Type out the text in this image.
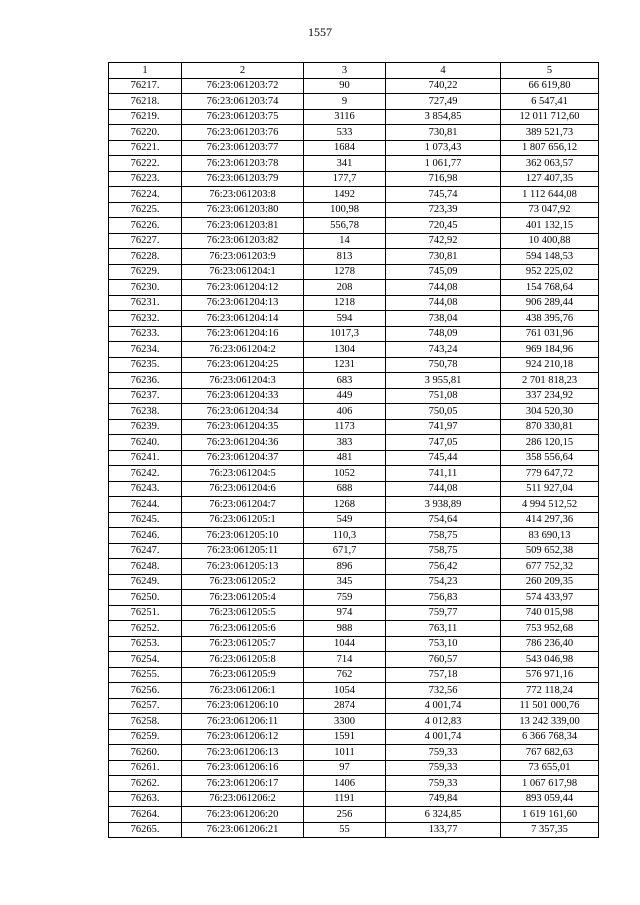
1557
1	2	3	4	5
76217.	76:23:061203:72	90	740,22	66 619,80
76218.	76:23:061203:74	9	727,49	6 547,41
76219.	76:23:061203:75	3116	3 854,85	12 011 712,60
76220.	76:23:061203:76	533	730,81	389 521,73
76221.	76:23:061203:77	1684	1 073,43	1 807 656,12
76222.	76:23:061203:78	341	1 061,77	362 063,57
76223.	76:23:061203:79	177,7	716,98	127 407,35
76224.	76:23:061203:8	1492	745,74	1 112 644,08
76225.	76:23:061203:80	100,98	723,39	73 047,92
76226.	76:23:061203:81	556,78	720,45	401 132,15
76227.	76:23:061203:82	14	742,92	10 400,88
76228.	76:23:061203:9	813	730,81	594 148,53
76229.	76:23:061204:1	1278	745,09	952 225,02
76230.	76:23:061204:12	208	744,08	154 768,64
76231.	76:23:061204:13	1218	744,08	906 289,44
76232.	76:23:061204:14	594	738,04	438 395,76
76233.	76:23:061204:16	1017,3	748,09	761 031,96
76234.	76:23:061204:2	1304	743,24	969 184,96
76235.	76:23:061204:25	1231	750,78	924 210,18
76236.	76:23:061204:3	683	3 955,81	2 701 818,23
76237.	76:23:061204:33	449	751,08	337 234,92
76238.	76:23:061204:34	406	750,05	304 520,30
76239.	76:23:061204:35	1173	741,97	870 330,81
76240.	76:23:061204:36	383	747,05	286 120,15
76241.	76:23:061204:37	481	745,44	358 556,64
76242.	76:23:061204:5	1052	741,11	779 647,72
76243.	76:23:061204:6	688	744,08	511 927,04
76244.	76:23:061204:7	1268	3 938,89	4 994 512,52
76245.	76:23:061205:1	549	754,64	414 297,36
76246.	76:23:061205:10	110,3	758,75	83 690,13
76247.	76:23:061205:11	671,7	758,75	509 652,38
76248.	76:23:061205:13	896	756,42	677 752,32
76249.	76:23:061205:2	345	754,23	260 209,35
76250.	76:23:061205:4	759	756,83	574 433,97
76251.	76:23:061205:5	974	759,77	740 015,98
76252.	76:23:061205:6	988	763,11	753 952,68
76253.	76:23:061205:7	1044	753,10	786 236,40
76254.	76:23:061205:8	714	760,57	543 046,98
76255.	76:23:061205:9	762	757,18	576 971,16
76256.	76:23:061206:1	1054	732,56	772 118,24
76257.	76:23:061206:10	2874	4 001,74	11 501 000,76
76258.	76:23:061206:11	3300	4 012,83	13 242 339,00
76259.	76:23:061206:12	1591	4 001,74	6 366 768,34
76260.	76:23:061206:13	1011	759,33	767 682,63
76261.	76:23:061206:16	97	759,33	73 655,01
76262.	76:23:061206:17	1406	759,33	1 067 617,98
76263.	76:23:061206:2	1191	749,84	893 059,44
76264.	76:23:061206:20	256	6 324,85	1 619 161,60
76265.	76:23:061206:21	55	133,77	7 357,35
